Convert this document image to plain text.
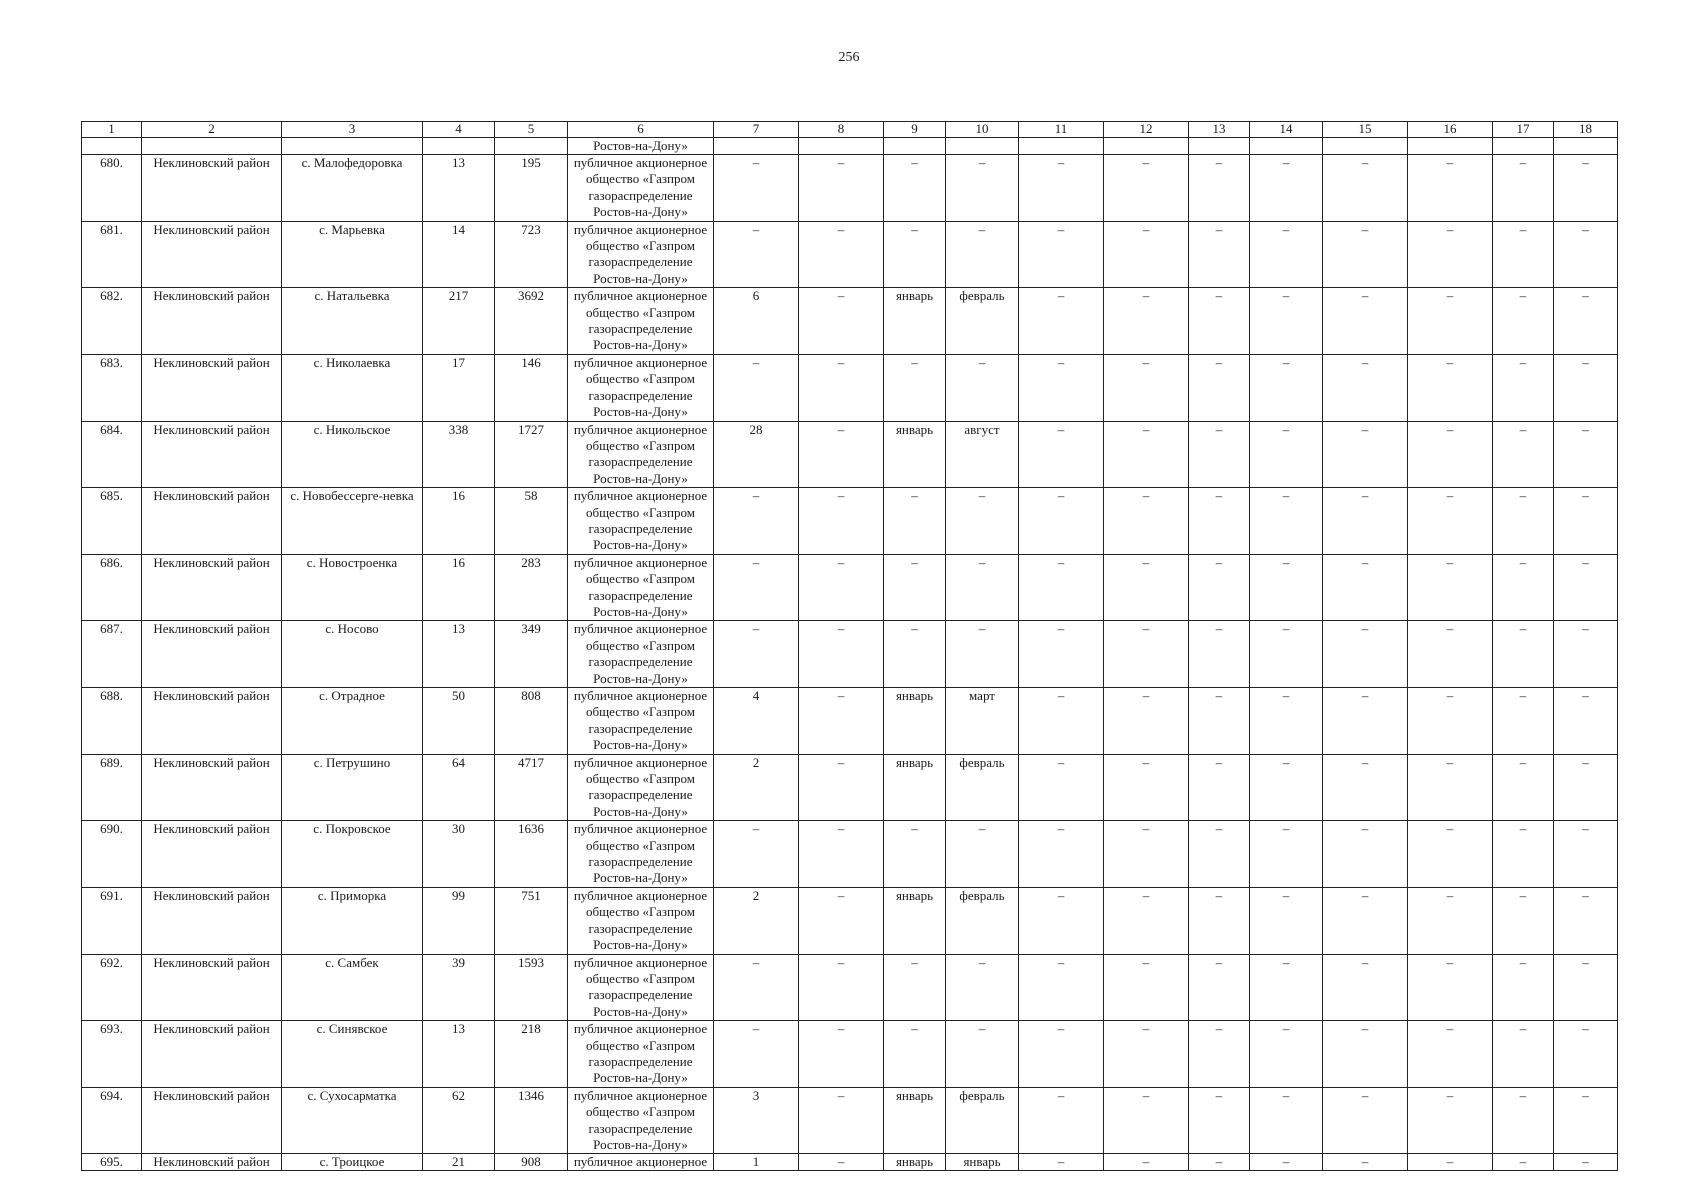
256
1	2	3	4	5	6	7	8	9	10	11	12	13	14	15	16	17	18
					Ростов-на-Дону»												
680.	Неклиновский район	с. Малофедоровка	13	195	публичное акционерное общество «Газпром газораспределение Ростов-на-Дону»	–	–	–	–	–	–	–	–	–	–	–	–
681.	Неклиновский район	с. Марьевка	14	723	публичное акционерное общество «Газпром газораспределение Ростов-на-Дону»	–	–	–	–	–	–	–	–	–	–	–	–
682.	Неклиновский район	с. Натальевка	217	3692	публичное акционерное общество «Газпром газораспределение Ростов-на-Дону»	6	–	январь	февраль	–	–	–	–	–	–	–	–
683.	Неклиновский район	с. Николаевка	17	146	публичное акционерное общество «Газпром газораспределение Ростов-на-Дону»	–	–	–	–	–	–	–	–	–	–	–	–
684.	Неклиновский район	с. Никольское	338	1727	публичное акционерное общество «Газпром газораспределение Ростов-на-Дону»	28	–	январь	август	–	–	–	–	–	–	–	–
685.	Неклиновский район	с. Новобессерге-невка	16	58	публичное акционерное общество «Газпром газораспределение Ростов-на-Дону»	–	–	–	–	–	–	–	–	–	–	–	–
686.	Неклиновский район	с. Новостроенка	16	283	публичное акционерное общество «Газпром газораспределение Ростов-на-Дону»	–	–	–	–	–	–	–	–	–	–	–	–
687.	Неклиновский район	с. Носово	13	349	публичное акционерное общество «Газпром газораспределение Ростов-на-Дону»	–	–	–	–	–	–	–	–	–	–	–	–
688.	Неклиновский район	с. Отрадное	50	808	публичное акционерное общество «Газпром газораспределение Ростов-на-Дону»	4	–	январь	март	–	–	–	–	–	–	–	–
689.	Неклиновский район	с. Петрушино	64	4717	публичное акционерное общество «Газпром газораспределение Ростов-на-Дону»	2	–	январь	февраль	–	–	–	–	–	–	–	–
690.	Неклиновский район	с. Покровское	30	1636	публичное акционерное общество «Газпром газораспределение Ростов-на-Дону»	–	–	–	–	–	–	–	–	–	–	–	–
691.	Неклиновский район	с. Приморка	99	751	публичное акционерное общество «Газпром газораспределение Ростов-на-Дону»	2	–	январь	февраль	–	–	–	–	–	–	–	–
692.	Неклиновский район	с. Самбек	39	1593	публичное акционерное общество «Газпром газораспределение Ростов-на-Дону»	–	–	–	–	–	–	–	–	–	–	–	–
693.	Неклиновский район	с. Синявское	13	218	публичное акционерное общество «Газпром газораспределение Ростов-на-Дону»	–	–	–	–	–	–	–	–	–	–	–	–
694.	Неклиновский район	с. Сухосарматка	62	1346	публичное акционерное общество «Газпром газораспределение Ростов-на-Дону»	3	–	январь	февраль	–	–	–	–	–	–	–	–
695.	Неклиновский район	с. Троицкое	21	908	публичное акционерное	1	–	январь	январь	–	–	–	–	–	–	–	–
